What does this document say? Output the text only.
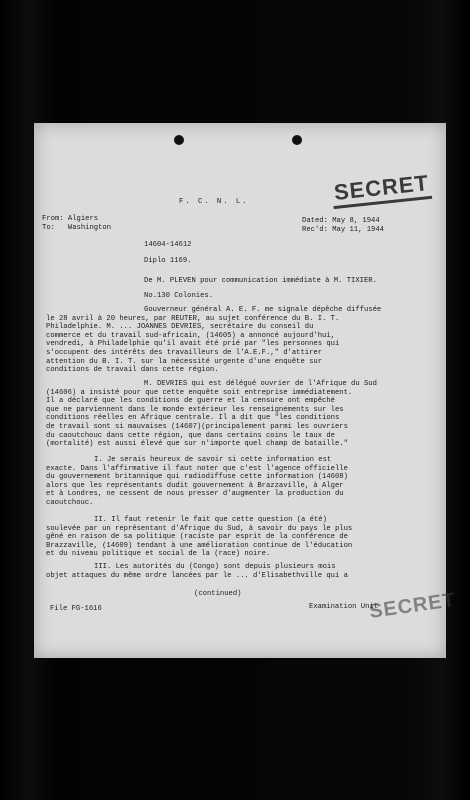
SECRET
F. C. N. L.
From: Algiers
To:   Washington
Dated: May 8, 1944
Rec'd: May 11, 1944
14604-14612
Diplo 1169.
De M. PLEVEN pour communication immédiate à M. TIXIER.
No.130 Colonies.
Gouverneur général A. E. F. me signale dépêche diffusée
le 28 avril à 20 heures, par REUTER, au sujet conférence du B. I. T.
Philadelphie. M. ... JOANNES DEVRIES, secrétaire du conseil du
commerce et du travail sud-africain, (14605) a annoncé aujourd'hui,
vendredi, à Philadelphie qu'il avait été prié par "les personnes qui
s'occupent des intérêts des travailleurs de l'A.E.F.," d'attirer
attention du B. I. T. sur la nécessité urgente d'une enquête sur
conditions de travail dans cette région.
M. DEVRIES qui est délégué ouvrier de l'Afrique du Sud
(14606) a insisté pour que cette enquête soit entreprise immédiatement.
Il a déclaré que les conditions de guerre et la censure ont empêché
que ne parviennent dans le monde extérieur les renseignements sur les
conditions réelles en Afrique centrale. Il a dit que "les conditions
de travail sont si mauvaises (14607)(principalement parmi les ouvriers
du caoutchouc dans cette région, que dans certains coins le taux de
(mortalité) est aussi élevé que sur n'importe quel champ de bataille."
I. Je serais heureux de savoir si cette information est
exacte. Dans l'affirmative il faut noter que c'est l'agence officielle
du gouvernement britannique qui radiodiffuse cette information (14608)
alors que les représentants dudit gouvernement à Brazzaville, à Alger
et à Londres, ne cessent de nous presser d'augmenter la production du
caoutchouc.
II. Il faut retenir le fait que cette question (a été)
soulevée par un représentant d'Afrique du Sud, à savoir du pays le plus
gêné en raison de sa politique (raciste par esprit de la conférence de
Brazzaville, (14609) tendant à une amélioration continue de l'éducation
et du niveau politique et social de la (race) noire.
III. Les autorités du (Congo) sont depuis plusieurs mois
objet attaques du même ordre lancées par le ... d'Elisabethville qui a
(continued)
File FG-1616	Examination Unit
SECRET
